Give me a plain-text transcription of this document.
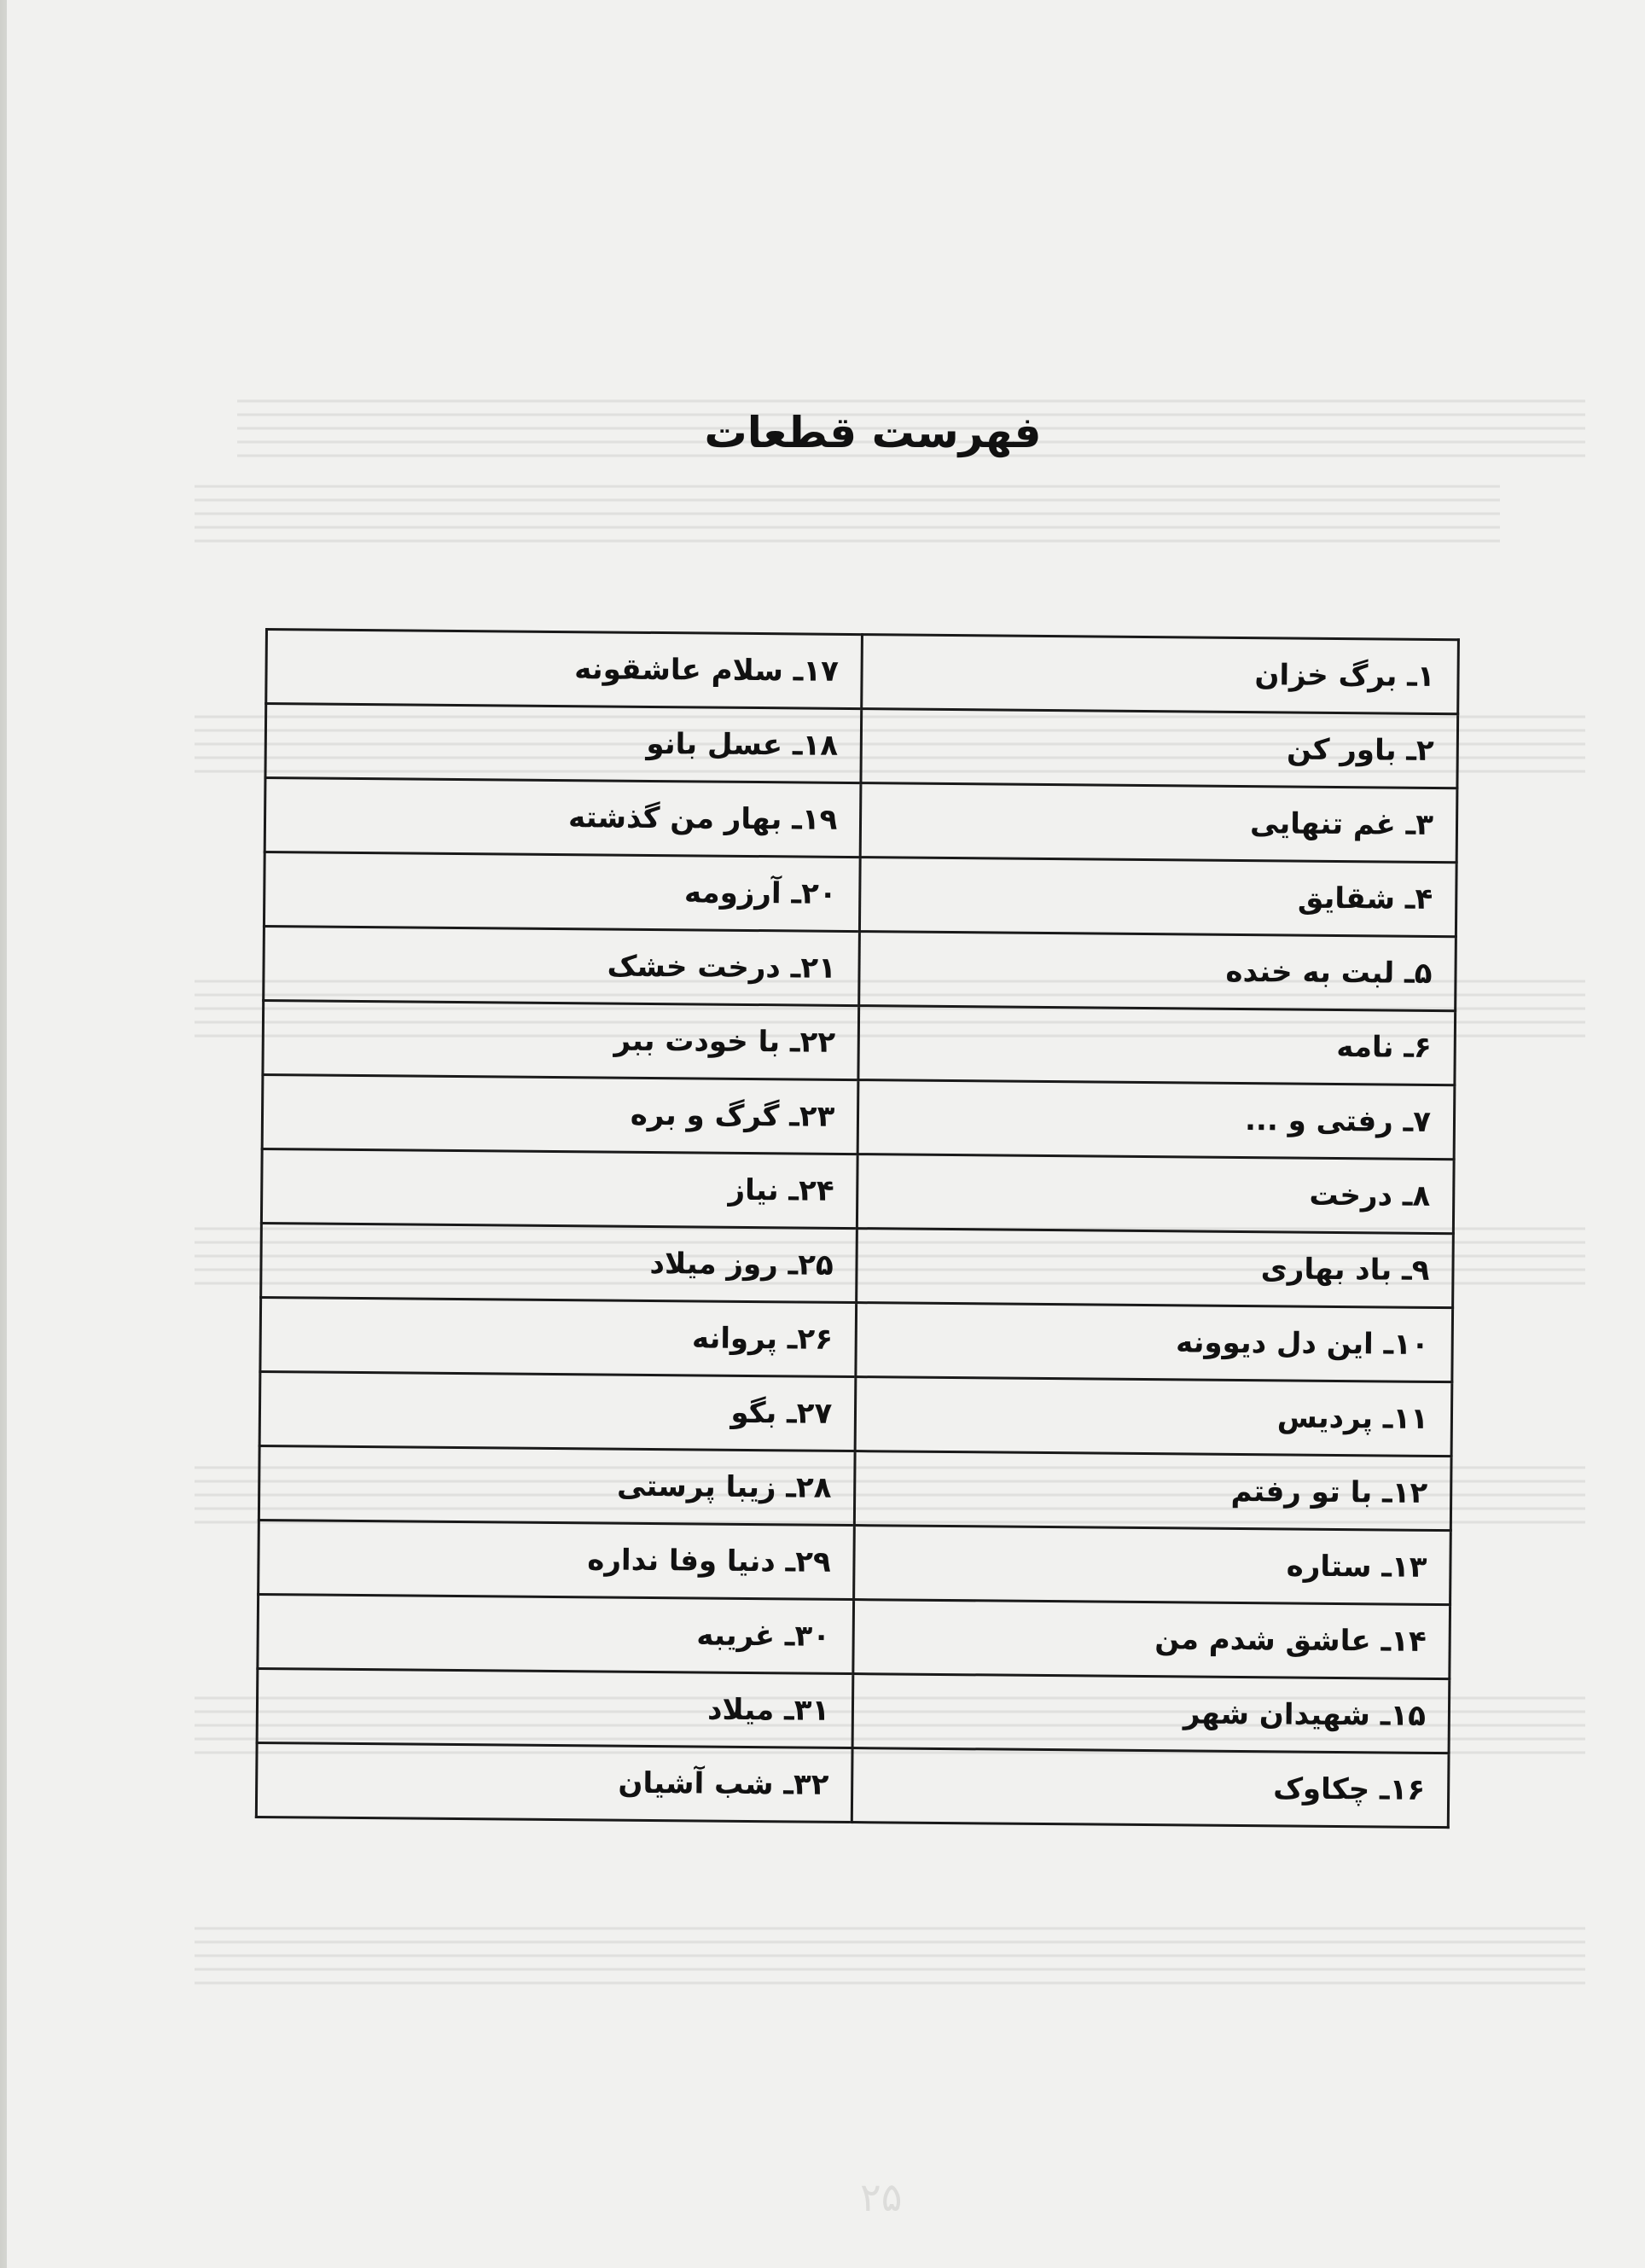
فهرست قطعات
۱ـ برگ خزان	۱۷ـ سلام عاشقونه
۲ـ باور کن	۱۸ـ عسل بانو
۳ـ غم تنهایی	۱۹ـ بهار من گذشته
۴ـ شقایق	۲۰ـ آرزومه
۵ـ لبت به خنده	۲۱ـ درخت خشک
۶ـ نامه	۲۲ـ با خودت ببر
۷ـ رفتی و ...	۲۳ـ گرگ و بره
۸ـ درخت	۲۴ـ نیاز
۹ـ باد بهاری	۲۵ـ روز میلاد
۱۰ـ این دل دیوونه	۲۶ـ پروانه
۱۱ـ پردیس	۲۷ـ بگو
۱۲ـ با تو رفتم	۲۸ـ زیبا پرستی
۱۳ـ ستاره	۲۹ـ دنیا وفا نداره
۱۴ـ عاشق شدم من	۳۰ـ غریبه
۱۵ـ شهیدان شهر	۳۱ـ میلاد
۱۶ـ چکاوک	۳۲ـ شب آشیان
۲۵
